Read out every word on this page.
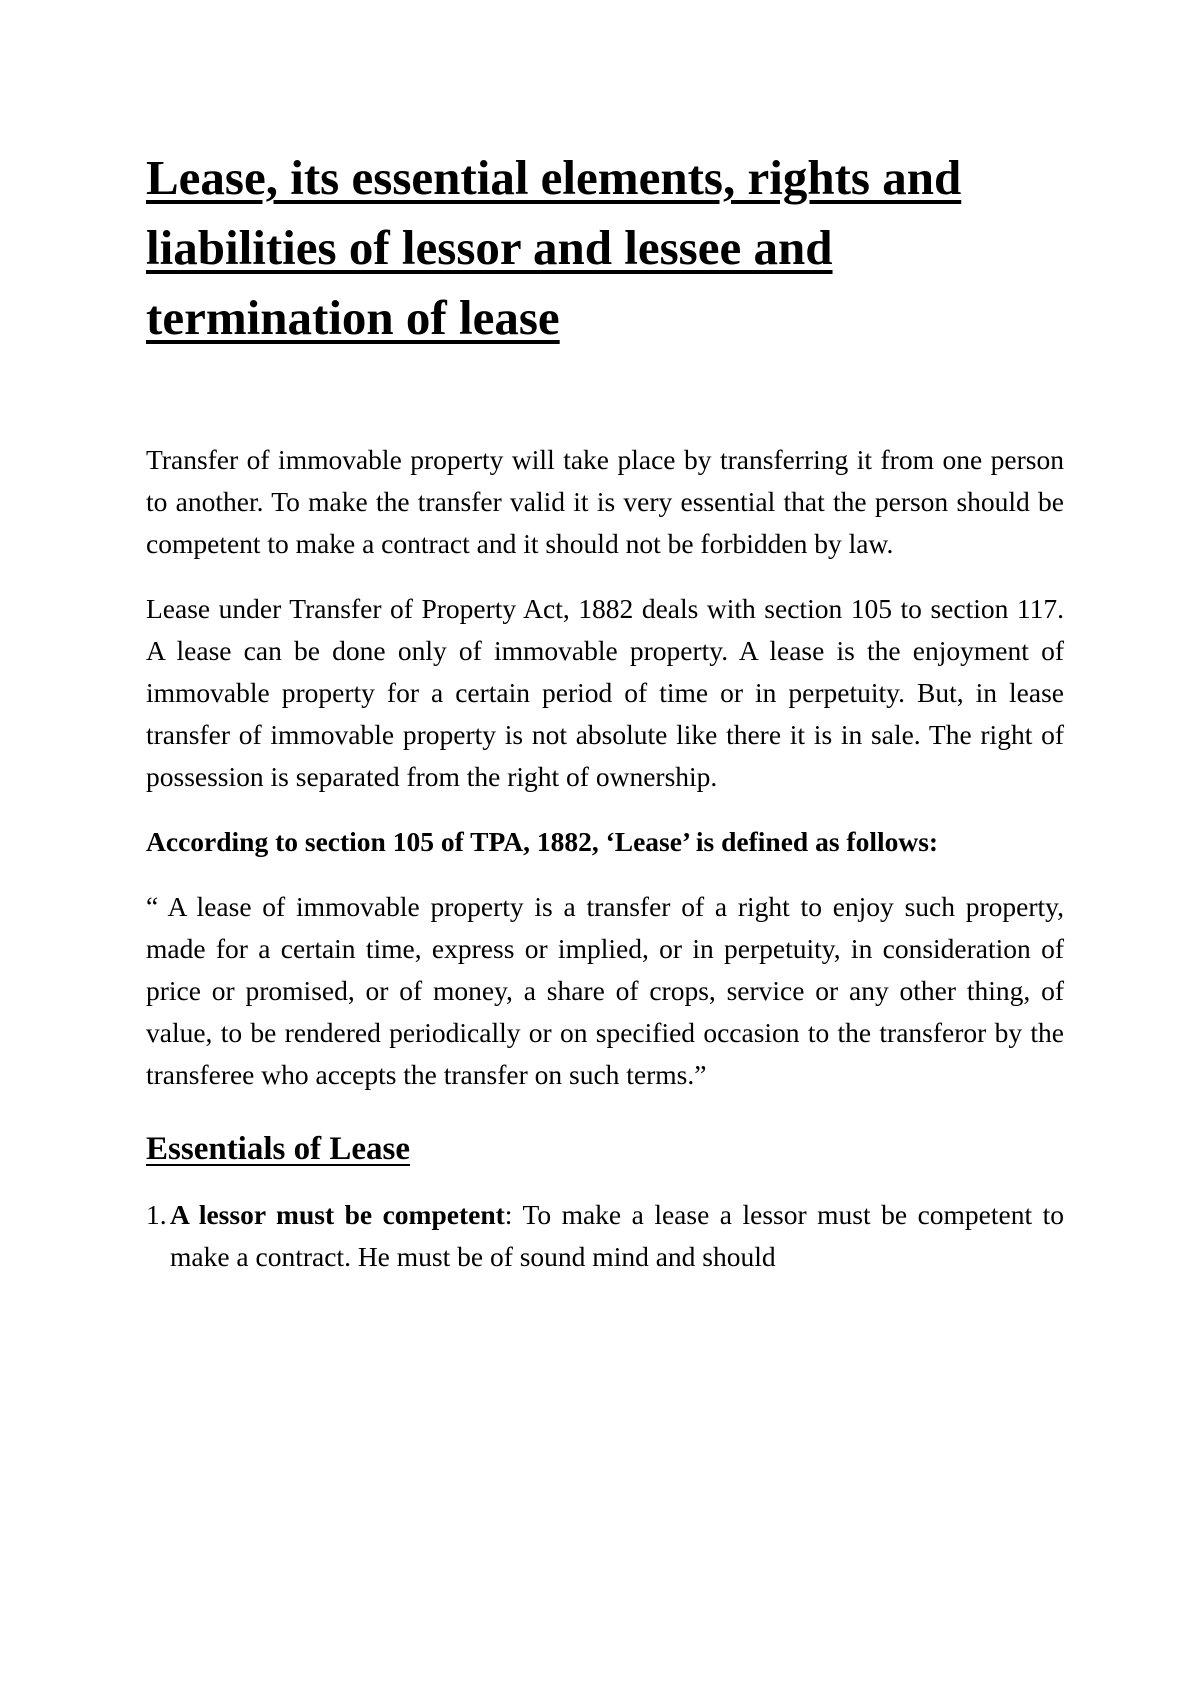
Lease, its essential elements, rights and liabilities of lessor and lessee and termination of lease

Transfer of immovable property will take place by transferring it from one person to another. To make the transfer valid it is very essential that the person should be competent to make a contract and it should not be forbidden by law.

Lease under Transfer of Property Act, 1882 deals with section 105 to section 117. A lease can be done only of immovable property. A lease is the enjoyment of immovable property for a certain period of time or in perpetuity. But, in lease transfer of immovable property is not absolute like there it is in sale. The right of possession is separated from the right of ownership.

According to section 105 of TPA, 1882, ‘Lease’ is defined as follows:

“ A lease of immovable property is a transfer of a right to enjoy such property, made for a certain time, express or implied, or in perpetuity, in consideration of price or promised, or of money, a share of crops, service or any other thing, of value, to be rendered periodically or on specified occasion to the transferor by the transferee who accepts the transfer on such terms.”

Essentials of Lease
1. A lessor must be competent: To make a lease a lessor must be competent to make a contract. He must be of sound mind and should
